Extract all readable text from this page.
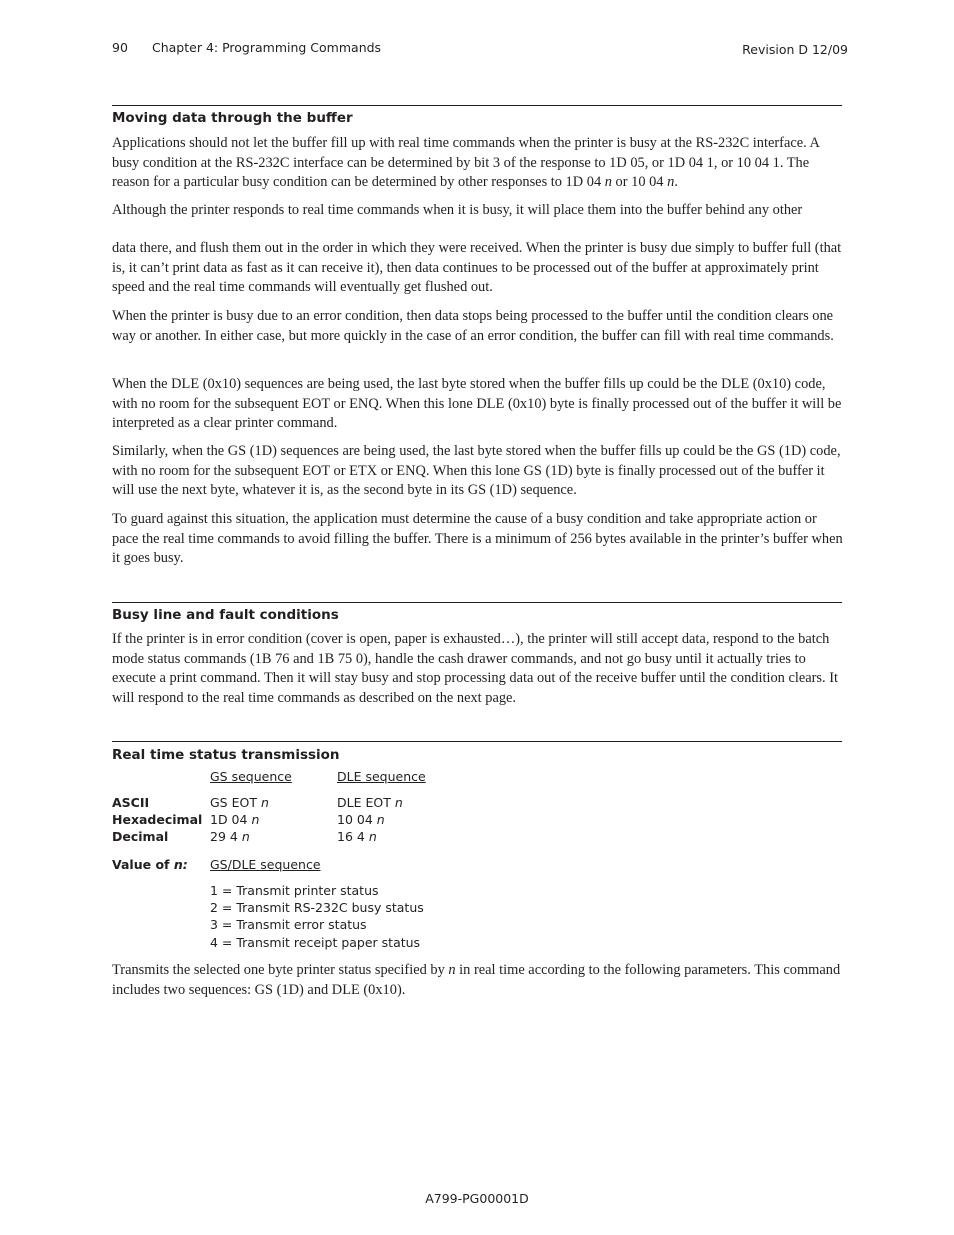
90 Chapter 4: Programming Commands	Revision D 12/09
Moving data through the buffer

Applications should not let the buffer fill up with real time commands when the printer is busy at the RS-232C interface. A busy condition at the RS-232C interface can be determined by bit 3 of the response to 1D 05, or 1D 04 1, or 10 04 1. The reason for a particular busy condition can be determined by other responses to 1D 04 n or 10 04 n.

Although the printer responds to real time commands when it is busy, it will place them into the buffer behind any other

data there, and flush them out in the order in which they were received. When the printer is busy due simply to buffer full (that is, it can’t print data as fast as it can receive it), then data continues to be processed out of the buffer at approximately print speed and the real time commands will eventually get flushed out.

When the printer is busy due to an error condition, then data stops being processed to the buffer until the condition clears one way or another. In either case, but more quickly in the case of an error condition, the buffer can fill with real time commands.

When the DLE (0x10) sequences are being used, the last byte stored when the buffer fills up could be the DLE (0x10) code, with no room for the subsequent EOT or ENQ. When this lone DLE (0x10) byte is finally processed out of the buffer it will be interpreted as a clear printer command.

Similarly, when the GS (1D) sequences are being used, the last byte stored when the buffer fills up could be the GS (1D) code, with no room for the subsequent EOT or ETX or ENQ. When this lone GS (1D) byte is finally processed out of the buffer it will use the next byte, whatever it is, as the second byte in its GS (1D) sequence.

To guard against this situation, the application must determine the cause of a busy condition and take appropriate action or pace the real time commands to avoid filling the buffer. There is a minimum of 256 bytes available in the printer’s buffer when it goes busy.

Busy line and fault conditions

If the printer is in error condition (cover is open, paper is exhausted…), the printer will still accept data, respond to the batch mode status commands (1B 76 and 1B 75 0), handle the cash drawer commands, and not go busy until it actually tries to execute a print command. Then it will stay busy and stop processing data out of the receive buffer until the condition clears. It will respond to the real time commands as described on the next page.

Real time status transmission
GS sequence	DLE sequence
ASCII
Hexadecimal
Decimal
GS EOT n
1D 04 n
29 4 n
DLE EOT n
10 04 n
16 4 n
Value of n: GS/DLE sequence
1 = Transmit printer status
2 = Transmit RS-232C busy status
3 = Transmit error status
4 = Transmit receipt paper status

Transmits the selected one byte printer status specified by n in real time according to the following parameters. This command includes two sequences: GS (1D) and DLE (0x10).

A799-PG00001D
